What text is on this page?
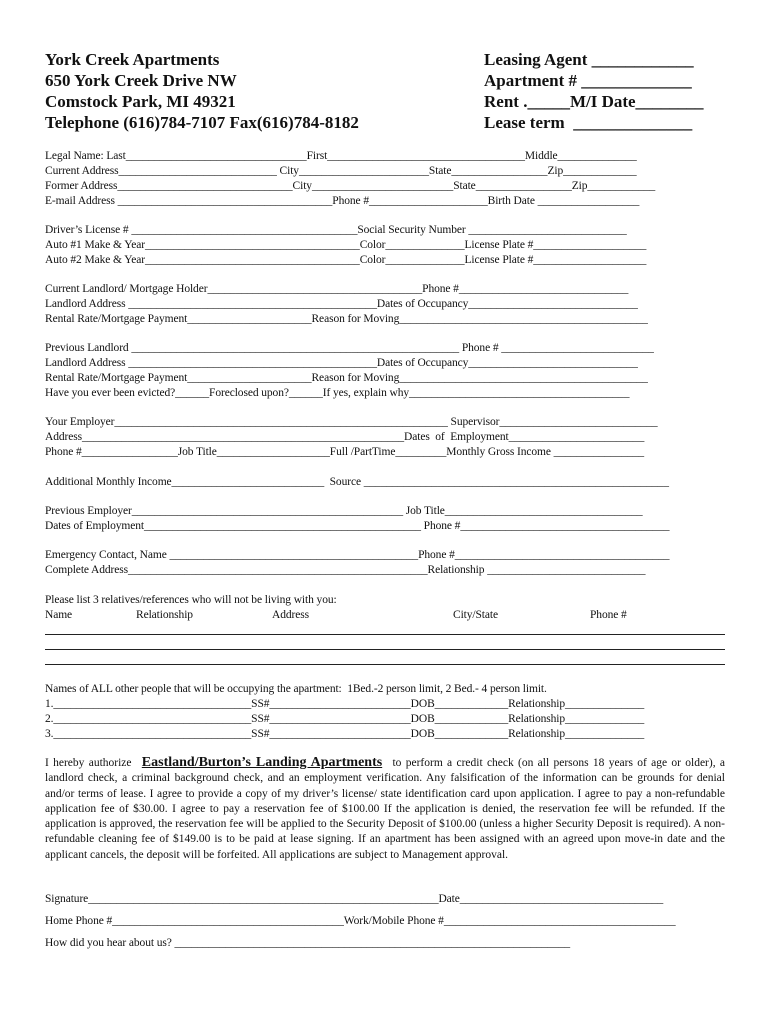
York Creek Apartments
650 York Creek Drive NW
Comstock Park, MI 49321
Telephone (616)784-7107 Fax(616)784-8182
Leasing Agent ____________
Apartment # _____________
Rent ._____M/I Date________
Lease term  ______________
Legal Name: Last________________________________First___________________________________Middle______________
Current Address____________________________ City_______________________State_________________Zip_____________
Former Address_______________________________City_________________________State_________________Zip____________
E-mail Address ______________________________________Phone #_____________________Birth Date __________________
Driver’s License # ________________________________________Social Security Number ____________________________
Auto #1 Make & Year______________________________________Color______________License Plate #____________________
Auto #2 Make & Year______________________________________Color______________License Plate #____________________
Current Landlord/ Mortgage Holder______________________________________Phone #______________________________
Landlord Address ____________________________________________Dates of Occupancy______________________________
Rental Rate/Mortgage Payment______________________Reason for Moving____________________________________________
Previous Landlord __________________________________________________________ Phone # ___________________________
Landlord Address ____________________________________________Dates of Occupancy______________________________
Rental Rate/Mortgage Payment______________________Reason for Moving____________________________________________
Have you ever been evicted?______Foreclosed upon?______If yes, explain why_______________________________________
Your Employer___________________________________________________________ Supervisor____________________________
Address_________________________________________________________Dates  of  Employment________________________
Phone #_________________Job Title____________________Full /PartTime_________Monthly Gross Income ________________
Additional Monthly Income___________________________  Source ______________________________________________________
Previous Employer________________________________________________ Job Title___________________________________
Dates of Employment_________________________________________________ Phone #_____________________________________
Emergency Contact, Name ____________________________________________Phone #______________________________________
Complete Address_____________________________________________________Relationship ____________________________
Please list 3 relatives/references who will not be living with you:
Name	Relationship	Address	City/State	Phone #
Names of ALL other people that will be occupying the apartment:  1Bed.-2 person limit, 2 Bed.- 4 person limit.
1.___________________________________SS#_________________________DOB_____________Relationship______________
2.___________________________________SS#_________________________DOB_____________Relationship______________
3.___________________________________SS#_________________________DOB_____________Relationship______________
I hereby authorize Eastland/Burton’s Landing Apartments to perform a credit check (on all persons 18 years of age or older), a landlord check, a criminal background check, and an employment verification. Any falsification of the information can be grounds for denial and/or terms of lease. I agree to provide a copy of my driver’s license/ state identification card upon application. I agree to pay a non-refundable application fee of $30.00. I agree to pay a reservation fee of $100.00 If the application is denied, the reservation fee will be refunded. If the application is approved, the reservation fee will be applied to the Security Deposit of $100.00 (unless a higher Security Deposit is required). A non-refundable cleaning fee of $149.00 is to be paid at lease signing. If an apartment has been assigned with an agreed upon move-in date and the applicant cancels, the deposit will be forfeited. All applications are subject to Management approval.
Signature______________________________________________________________Date____________________________________
Home Phone #_________________________________________Work/Mobile Phone #_________________________________________
How did you hear about us? ______________________________________________________________________
